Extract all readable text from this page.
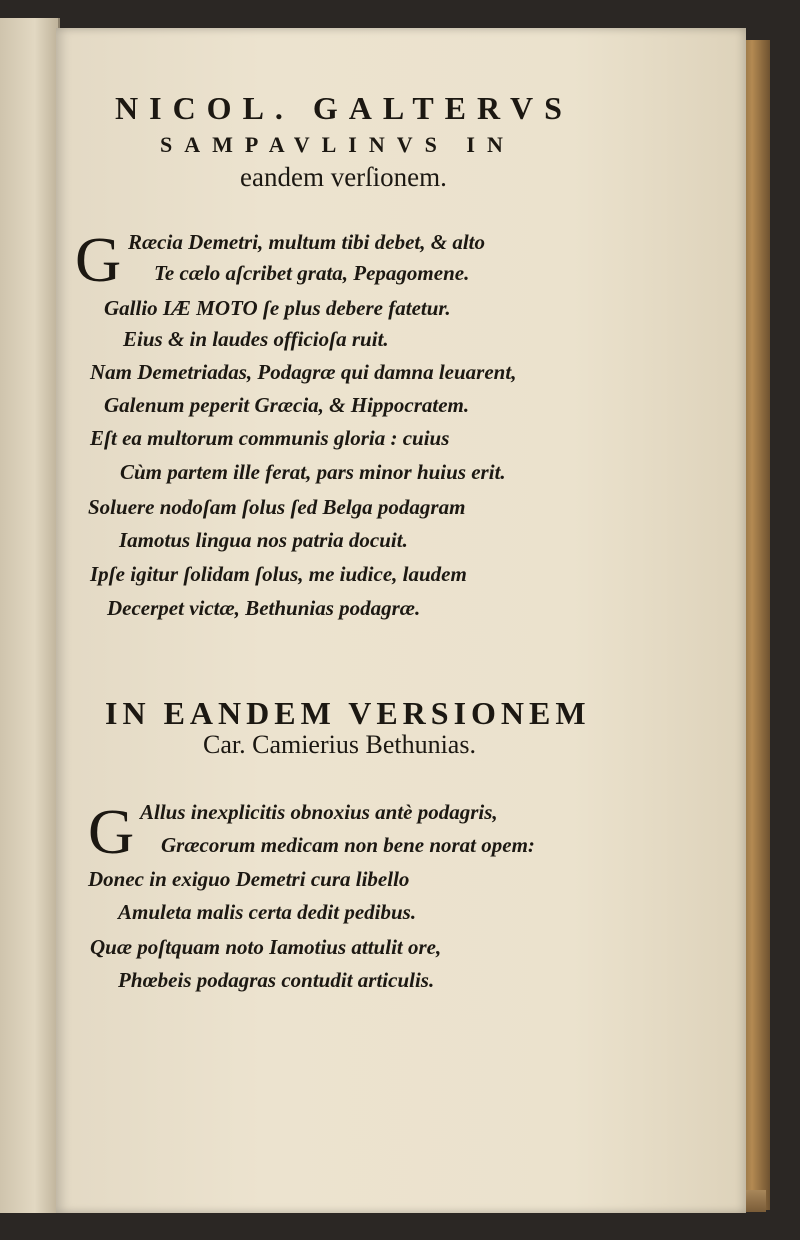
NICOL. GALTERVS
SAMPAVLINVS IN
eandem verſionem.
G Ræcia Demetri, multum tibi debet, & alto
Te cælo aſcribet grata, Pepagomene.
Gallio IÆ MOTO ſe plus debere fatetur.
Eius & in laudes officioſa ruit.
Nam Demetriadas, Podagræ qui damna leuarent,
Galenum peperit Græcia, & Hippocratem.
Eſt ea multorum communis gloria : cuius
Cùm partem ille ferat, pars minor huius erit.
Soluere nodoſam ſolus ſed Belga podagram
Iamotus lingua nos patria docuit.
Ipſe igitur ſolidam ſolus, me iudice, laudem
Decerpet victæ, Bethunias podagræ.
IN EANDEM VERSIONEM
Car. Camierius Bethunias.
G Allus inexplicitis obnoxius antè podagris,
Græcorum medicam non bene norat opem:
Donec in exiguo Demetri cura libello
Amuleta malis certa dedit pedibus.
Quæ poſtquam noto Iamotius attulit ore,
Phœbeis podagras contudit articulis.
